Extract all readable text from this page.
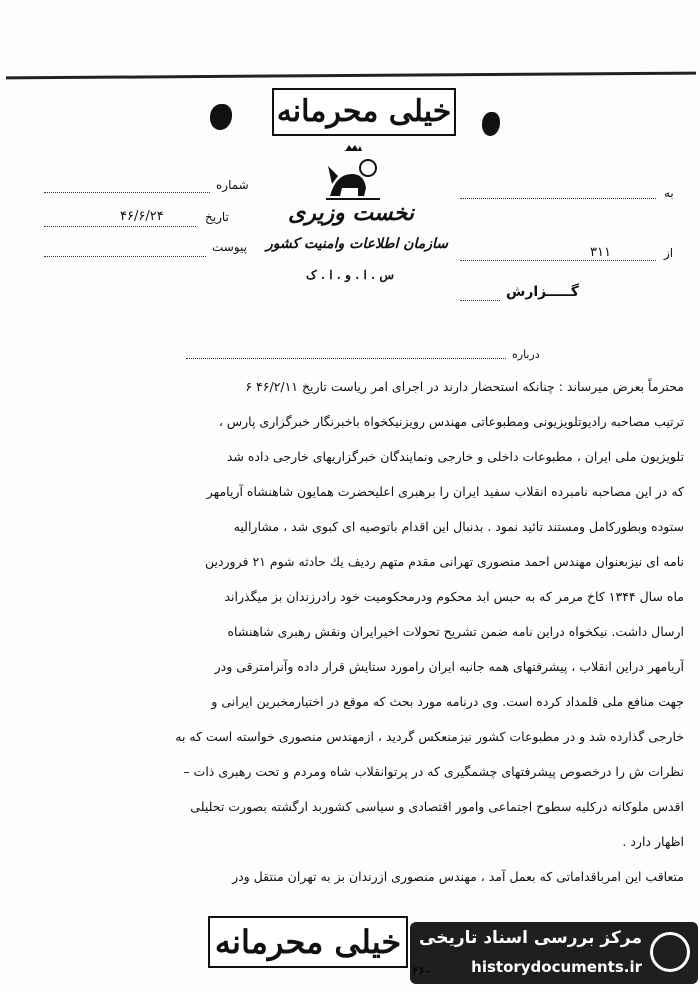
خیلی محرمانه
نخست وزیری
سازمان اطلاعات وامنیت کشور
س . ا . و . ا . ک
شماره
تاریخ
۴۶/۶/۲۴
پیوست
به
از
۳۱۱
گـــــزارش
درباره
محترماً بعرض میرساند : چنانکه استحضار دارند در اجرای امر ریاست تاریخ ۴۶/۲/۱۱ ۶
ترتیب مصاحبه رادیوتلویزیونی ومطبوعاتی مهندس رویزنیکخواه باخبرنگار خبرگزاری پارس ،
تلویزیون ملی ایران ، مطبوعات داخلی و خارجی ونمایندگان خبرگزاریهای خارجی داده شد
که در این مصاحبه نامبرده انقلاب سفید ایران را برهبری اعلیحضرت همایون شاهنشاه آریامهر
ستوده وبطورکامل ومستند تائید نمود . بدنبال این اقدام باتوصیه ای کبوی شد ، مشارالیه
نامه ای نیزبعنوان مهندس احمد منصوری تهرانی مقدم متهم ردیف یك حادثه شوم ۲۱ فروردین
ماه سال ۱۳۴۴ کاخ مرمر که به حبس ابد محکوم ودرمحکومیت خود رادرزندان بز میگذراند
ارسال داشت. نیکخواه دراین نامه ضمن تشریح تحولات اخیرایران ونقش رهبری شاهنشاه
آریامهر دراین انقلاب ، پیشرفتهای همه جانبه ایران رامورد ستایش قرار داده وآنرامترقی ودر
جهت منافع ملی قلمداد کرده است. وی درنامه مورد بحث که موقع در اختیارمخبرین ایرانی و
خارجی گذارده شد و در مطبوعات کشور نیزمنعکس گردید ، ازمهندس منصوری خواسته است که به
نظرات ش را درخصوص پیشرفتهای چشمگیری که در پرتوانقلاب شاه ومردم و تحت رهبری ذات –
اقدس ملوکانه درکلیه سطوح اجتماعی وامور اقتصادی و سیاسی کشوربد ارگشته بصورت تحلیلی
اظهار دارد .
متعاقب این امرباقداماتی که بعمل آمد ، مهندس منصوری ازرندان بز به تهران منتقل ودر
خیلی محرمانه	مرکز بررسی اسناد تاریخی
historydocuments.ir
۴۶-
